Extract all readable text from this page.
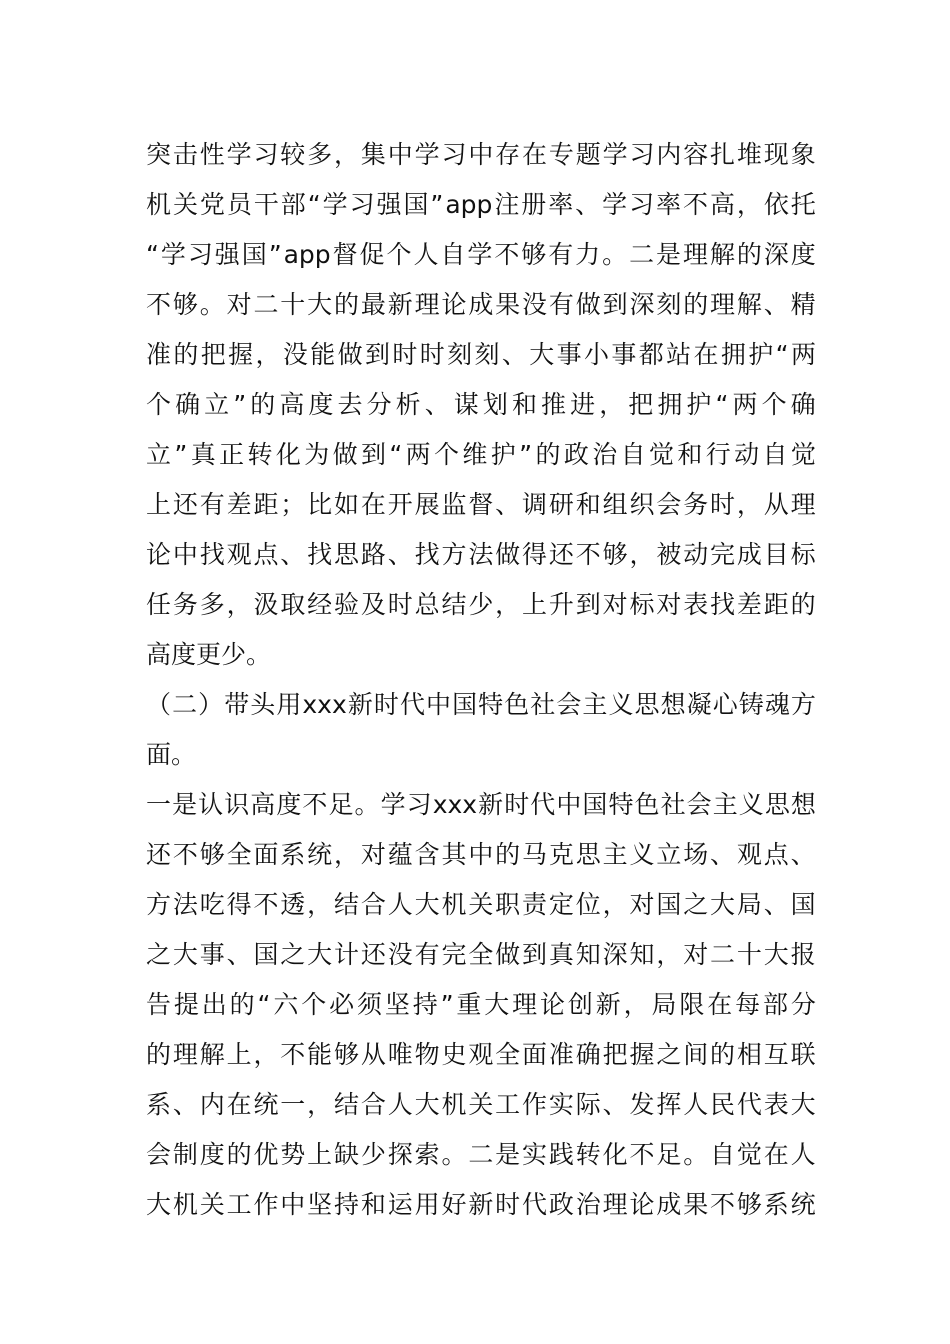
突 击 性 学 习 较 多 ， 集 中 学 习 中 存 在 专 题 学 习 内 容 扎 堆 现 象
机 关 党 员 干 部 “ 学 习 强 国 ” app 注 册 率 、 学 习 率 不 高 ， 依 托
“ 学 习 强 国 ” app 督 促 个 人 自 学 不 够 有 力 。 二 是 理 解 的 深 度
不 够 。 对 二 十 大 的 最 新 理 论 成 果 没 有 做 到 深 刻 的 理 解 、 精
准 的 把 握 ， 没 能 做 到 时 时 刻 刻 、 大 事 小 事 都 站 在 拥 护 “ 两
个 确 立 ” 的 高 度 去 分 析 、 谋 划 和 推 进 ， 把 拥 护 “ 两 个 确
立 ” 真 正 转 化 为 做 到 “ 两 个 维 护 ” 的 政 治 自 觉 和 行 动 自 觉
上 还 有 差 距 ； 比 如 在 开 展 监 督 、 调 研 和 组 织 会 务 时 ， 从 理
论 中 找 观 点 、 找 思 路 、 找 方 法 做 得 还 不 够 ， 被 动 完 成 目 标
任 务 多 ， 汲 取 经 验 及 时 总 结 少 ， 上 升 到 对 标 对 表 找 差 距 的
高度更少。
（ 二 ） 带 头 用 xxx 新 时 代 中 国 特 色 社 会 主 义 思 想 凝 心 铸 魂 方
面。
一 是 认 识 高 度 不 足 。 学 习 xxx 新 时 代 中 国 特 色 社 会 主 义 思 想
还 不 够 全 面 系 统 ， 对 蕴 含 其 中 的 马 克 思 主 义 立 场 、 观 点 、
方 法 吃 得 不 透 ， 结 合 人 大 机 关 职 责 定 位 ， 对 国 之 大 局 、 国
之 大 事 、 国 之 大 计 还 没 有 完 全 做 到 真 知 深 知 ， 对 二 十 大 报
告 提 出 的 “ 六 个 必 须 坚 持 ” 重 大 理 论 创 新 ， 局 限 在 每 部 分
的 理 解 上 ， 不 能 够 从 唯 物 史 观 全 面 准 确 把 握 之 间 的 相 互 联
系 、 内 在 统 一 ， 结 合 人 大 机 关 工 作 实 际 、 发 挥 人 民 代 表 大
会 制 度 的 优 势 上 缺 少 探 索 。 二 是 实 践 转 化 不 足 。 自 觉 在 人
大 机 关 工 作 中 坚 持 和 运 用 好 新 时 代 政 治 理 论 成 果 不 够 系 统
